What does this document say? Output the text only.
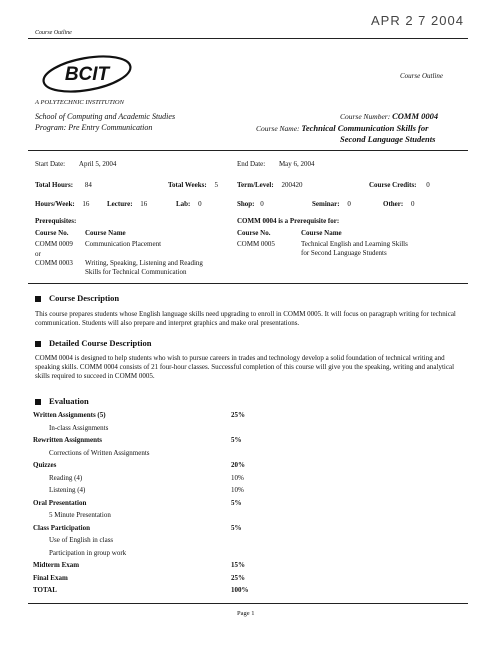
APR 2 7 2004
Course Outline
BCIT	Course Outline
A POLYTECHNIC INSTITUTION
School of Computing and Academic Studies
Program: Pre Entry Communication
Course Number: COMM 0004
Course Name: Technical Communication Skills for
Second Language Students
Start Date: April 5, 2004	End Date: May 6, 2004
Total Hours: 84	Total Weeks: 5	Term/Level: 200420	Course Credits: 0
Hours/Week: 16	Lecture: 16	Lab: 0	Shop: 0	Seminar: 0	Other: 0
Prerequisites:
Course No. Course Name
COMM 0009 Communication Placement
or
COMM 0003 Writing, Speaking, Listening and Reading
Skills for Technical Communication
COMM 0004 is a Prerequisite for:
Course No.	Course Name
COMM 0005	Technical English and Learning Skills
for Second Language Students
Course Description
This course prepares students whose English language skills need upgrading to enroll in COMM 0005. It will focus on paragraph writing for technical communication. Students will also prepare and interpret graphics and make oral presentations.
Detailed Course Description
COMM 0004 is designed to help students who wish to pursue careers in trades and technology develop a solid foundation of technical writing and speaking skills. COMM 0004 consists of 21 four-hour classes. Successful completion of this course will give you the speaking, writing and analytical skills required to succeed in COMM 0005.
Evaluation
Written Assignments (5)	25%
In-class Assignments
Rewritten Assignments	5%
Corrections of Written Assignments
Quizzes	20%
Reading (4)	10%
Listening (4)	10%
Oral Presentation	5%
5 Minute Presentation
Class Participation	5%
Use of English in class
Participation in group work
Midterm Exam	15%
Final Exam	25%
TOTAL	100%
Page 1
